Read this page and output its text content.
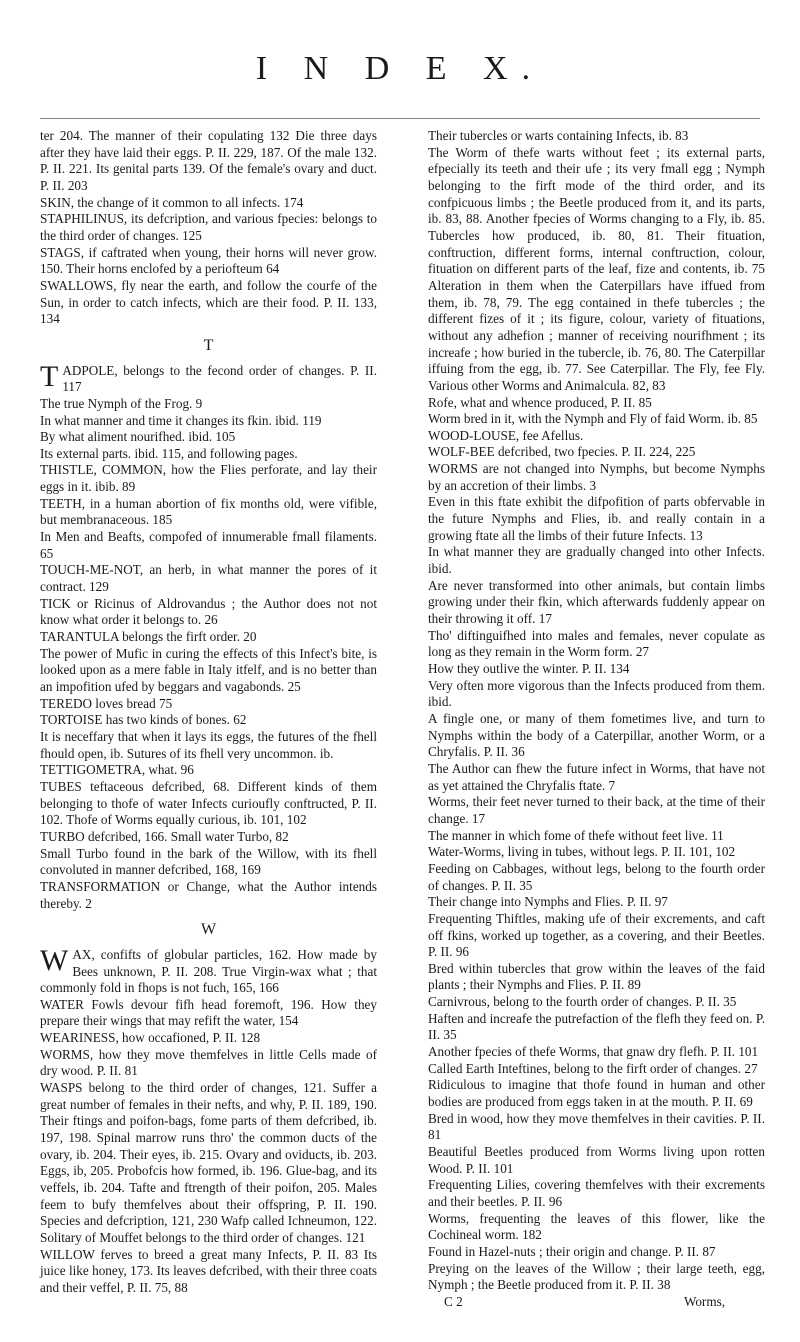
I N D E X.

ter 204. The manner of their copulating 132 Die three days after they have laid their eggs. P. II. 229, 187. Of the male 132. P. II. 221. Its genital parts 139. Of the female's ovary and duct. P. II. 203

SKIN, the change of it common to all infects. 174

STAPHILINUS, its defcription, and various fpecies: belongs to the third order of changes. 125

STAGS, if caftrated when young, their horns will never grow. 150. Their horns enclofed by a periofteum 64

SWALLOWS, fly near the earth, and follow the courfe of the Sun, in order to catch infects, which are their food. P. II. 133, 134

T

TADPOLE, belongs to the fecond order of changes. P. II. 117

The true Nymph of the Frog. 9

In what manner and time it changes its fkin. ibid. 119

By what aliment nourifhed. ibid. 105

Its external parts. ibid. 115, and following pages.

THISTLE, COMMON, how the Flies perforate, and lay their eggs in it. ibib. 89

TEETH, in a human abortion of fix months old, were vifible, but membranaceous. 185

In Men and Beafts, compofed of innumerable fmall filaments. 65

TOUCH-ME-NOT, an herb, in what manner the pores of it contract. 129

TICK or Ricinus of Aldrovandus ; the Author does not not know what order it belongs to. 26

TARANTULA belongs the firft order. 20

The power of Mufic in curing the effects of this Infect's bite, is looked upon as a mere fable in Italy itfelf, and is no better than an impofition ufed by beggars and vagabonds. 25

TEREDO loves bread 75

TORTOISE has two kinds of bones. 62

It is neceffary that when it lays its eggs, the futures of the fhell fhould open, ib. Sutures of its fhell very uncommon. ib.

TETTIGOMETRA, what. 96

TUBES teftaceous defcribed, 68. Different kinds of them belonging to thofe of water Infects curioufly conftructed, P. II. 102. Thofe of Worms equally curious, ib. 101, 102

TURBO defcribed, 166. Small water Turbo, 82

Small Turbo found in the bark of the Willow, with its fhell convoluted in manner defcribed, 168, 169

TRANSFORMATION or Change, what the Author intends thereby. 2

W

WAX, confifts of globular particles, 162. How made by Bees unknown, P. II. 208. True Virgin-wax what ; that commonly fold in fhops is not fuch, 165, 166

WATER Fowls devour fifh head foremoft, 196. How they prepare their wings that may refift the water, 154

WEARINESS, how occafioned, P. II. 128

WORMS, how they move themfelves in little Cells made of dry wood. P. II. 81

WASPS belong to the third order of changes, 121. Suffer a great number of females in their nefts, and why, P. II. 189, 190. Their ftings and poifon-bags, fome parts of them defcribed, ib. 197, 198. Spinal marrow runs thro' the common ducts of the ovary, ib. 204. Their eyes, ib. 215. Ovary and oviducts, ib. 203. Eggs, ib, 205. Probofcis how formed, ib. 196. Glue-bag, and its veffels, ib. 204. Tafte and ftrength of their poifon, 205. Males feem to bufy themfelves about their offspring, P. II. 190. Species and defcription, 121, 230 Wafp called Ichneumon, 122. Solitary of Mouffet belongs to the third order of changes. 121

WILLOW ferves to breed a great many Infects, P. II. 83 Its juice like honey, 173. Its leaves defcribed, with their three coats and their veffel, P. II. 75, 88

Their tubercles or warts containing Infects, ib. 83

The Worm of thefe warts without feet ; its external parts, efpecially its teeth and their ufe ; its very fmall egg ; Nymph belonging to the firft mode of the third order, and its confpicuous limbs ; the Beetle produced from it, and its parts, ib. 83, 88. Another fpecies of Worms changing to a Fly, ib. 85. Tubercles how produced, ib. 80, 81. Their fituation, conftruction, different forms, internal conftruction, colour, fituation on different parts of the leaf, fize and contents, ib. 75 Alteration in them when the Caterpillars have iffued from them, ib. 78, 79. The egg contained in thefe tubercles ; the different fizes of it ; its figure, colour, variety of fituations, without any adhefion ; manner of receiving nourifhment ; its increafe ; how buried in the tubercle, ib. 76, 80. The Caterpillar iffuing from the egg, ib. 77. See Caterpillar. The Fly, fee Fly. Various other Worms and Animalcula. 82, 83

Rofe, what and whence produced, P. II. 85

Worm bred in it, with the Nymph and Fly of faid Worm. ib. 85

WOOD-LOUSE, fee Afellus.

WOLF-BEE defcribed, two fpecies. P. II. 224, 225

WORMS are not changed into Nymphs, but become Nymphs by an accretion of their limbs. 3

Even in this ftate exhibit the difpofition of parts obfervable in the future Nymphs and Flies, ib. and really contain in a growing ftate all the limbs of their future Infects. 13

In what manner they are gradually changed into other Infects. ibid.

Are never transformed into other animals, but contain limbs growing under their fkin, which afterwards fuddenly appear on their throwing it off. 17

Tho' diftinguifhed into males and females, never copulate as long as they remain in the Worm form. 27

How they outlive the winter. P. II. 134

Very often more vigorous than the Infects produced from them. ibid.

A fingle one, or many of them fometimes live, and turn to Nymphs within the body of a Caterpillar, another Worm, or a Chryfalis. P. II. 36

The Author can fhew the future infect in Worms, that have not as yet attained the Chryfalis ftate. 7

Worms, their feet never turned to their back, at the time of their change. 17

The manner in which fome of thefe without feet live. 11

Water-Worms, living in tubes, without legs. P. II. 101, 102

Feeding on Cabbages, without legs, belong to the fourth order of changes. P. II. 35

Their change into Nymphs and Flies. P. II. 97

Frequenting Thiftles, making ufe of their excrements, and caft off fkins, worked up together, as a covering, and their Beetles. P. II. 96

Bred within tubercles that grow within the leaves of the faid plants ; their Nymphs and Flies. P. II. 89

Carnivrous, belong to the fourth order of changes. P. II. 35

Haften and increafe the putrefaction of the flefh they feed on. P. II. 35

Another fpecies of thefe Worms, that gnaw dry flefh. P. II. 101

Called Earth Inteftines, belong to the firft order of changes. 27

Ridiculous to imagine that thofe found in human and other bodies are produced from eggs taken in at the mouth. P. II. 69

Bred in wood, how they move themfelves in their cavities. P. II. 81

Beautiful Beetles produced from Worms living upon rotten Wood. P. II. 101

Frequenting Lilies, covering themfelves with their excrements and their beetles. P. II. 96

Worms, frequenting the leaves of this flower, like the Cochineal worm. 182

Found in Hazel-nuts ; their origin and change. P. II. 87

Preying on the leaves of the Willow ; their large teeth, egg, Nymph ; the Beetle produced from it. P. II. 38

C 2	Worms,
